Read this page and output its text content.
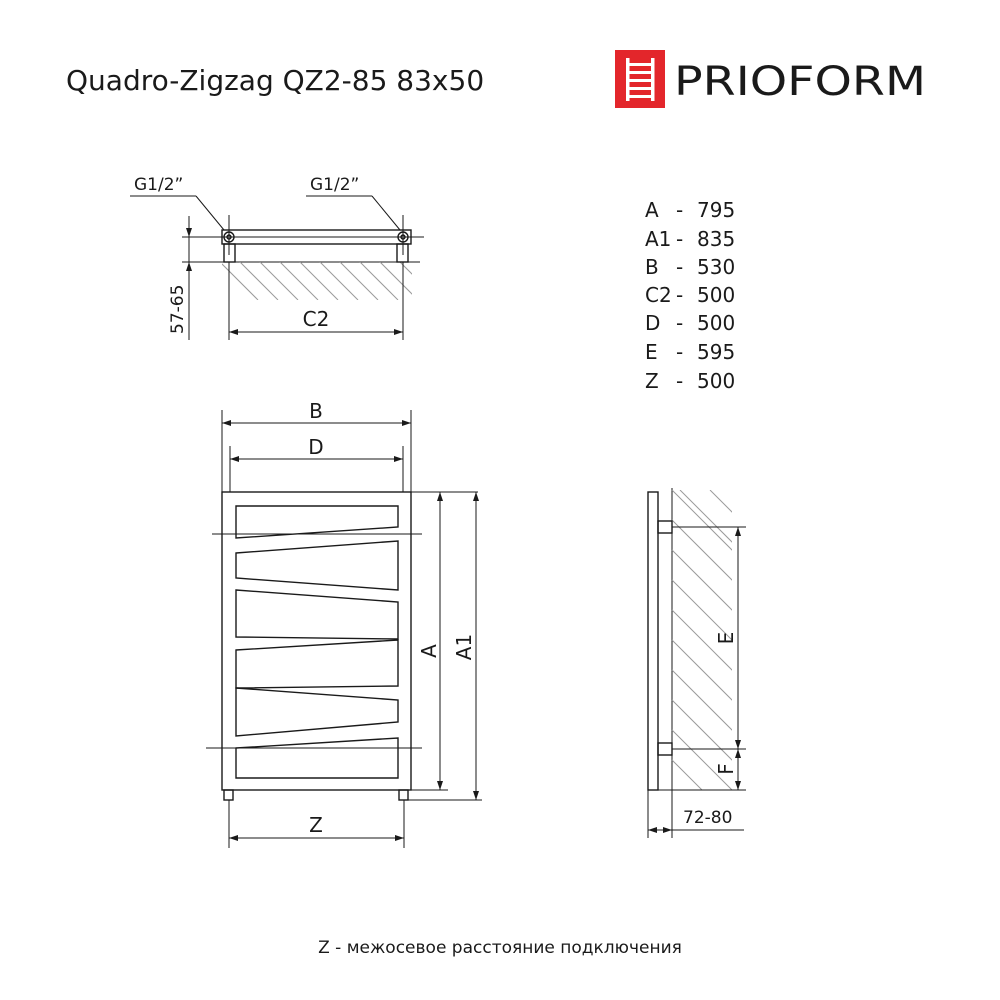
Quadro-Zigzag QZ2-85 83x50	PRIOFORM
G1/2”	G1/2”
57-65	C2
B
D
A A1
Z
E
F
72-80
A - 795
A1 - 835
B - 530
C2 - 500
D - 500
E - 595
Z - 500
Z - межосевое расстояние подключения
